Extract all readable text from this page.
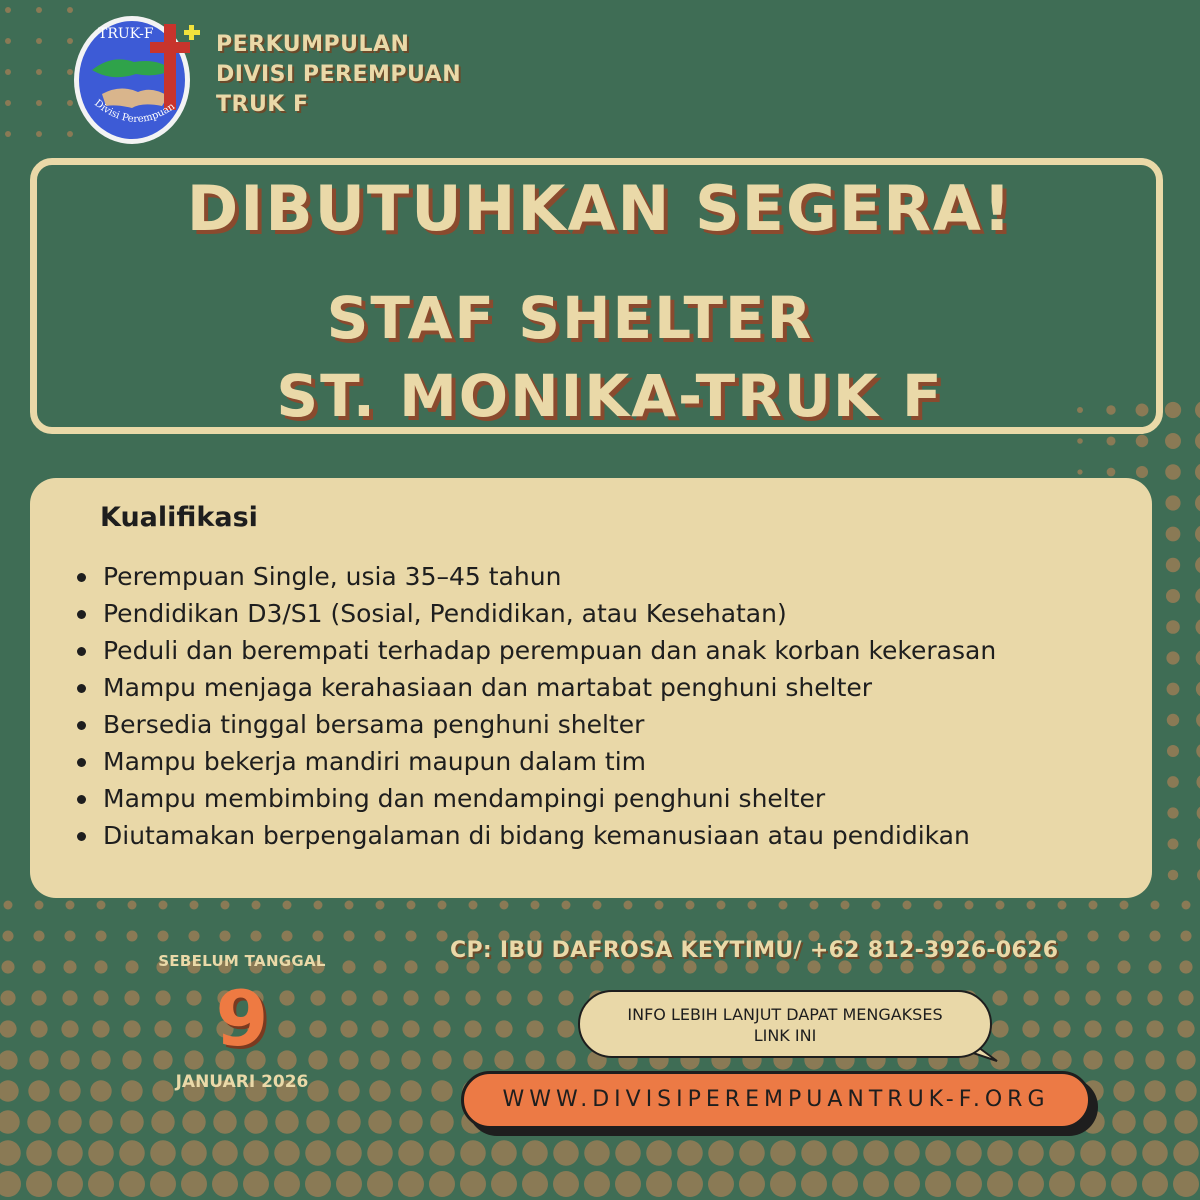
TRUK-F
Divisi Perempuan
PERKUMPULAN
DIVISI PEREMPUAN
TRUK F
DIBUTUHKAN SEGERA!
STAF SHELTER
ST. MONIKA-TRUK F
Kualifikasi
Perempuan Single, usia 35–45 tahun
Pendidikan D3/S1 (Sosial, Pendidikan, atau Kesehatan)
Peduli dan berempati terhadap perempuan dan anak korban kekerasan
Mampu menjaga kerahasiaan dan martabat penghuni shelter
Bersedia tinggal bersama penghuni shelter
Mampu bekerja mandiri maupun dalam tim
Mampu membimbing dan mendampingi penghuni shelter
Diutamakan berpengalaman di bidang kemanusiaan atau pendidikan
SEBELUM TANGGAL
9
JANUARI 2026
CP: IBU DAFROSA KEYTIMU/ +62 812-3926-0626
INFO LEBIH LANJUT DAPAT MENGAKSES
LINK INI
WWW.DIVISIPEREMPUANTRUK-F.ORG
